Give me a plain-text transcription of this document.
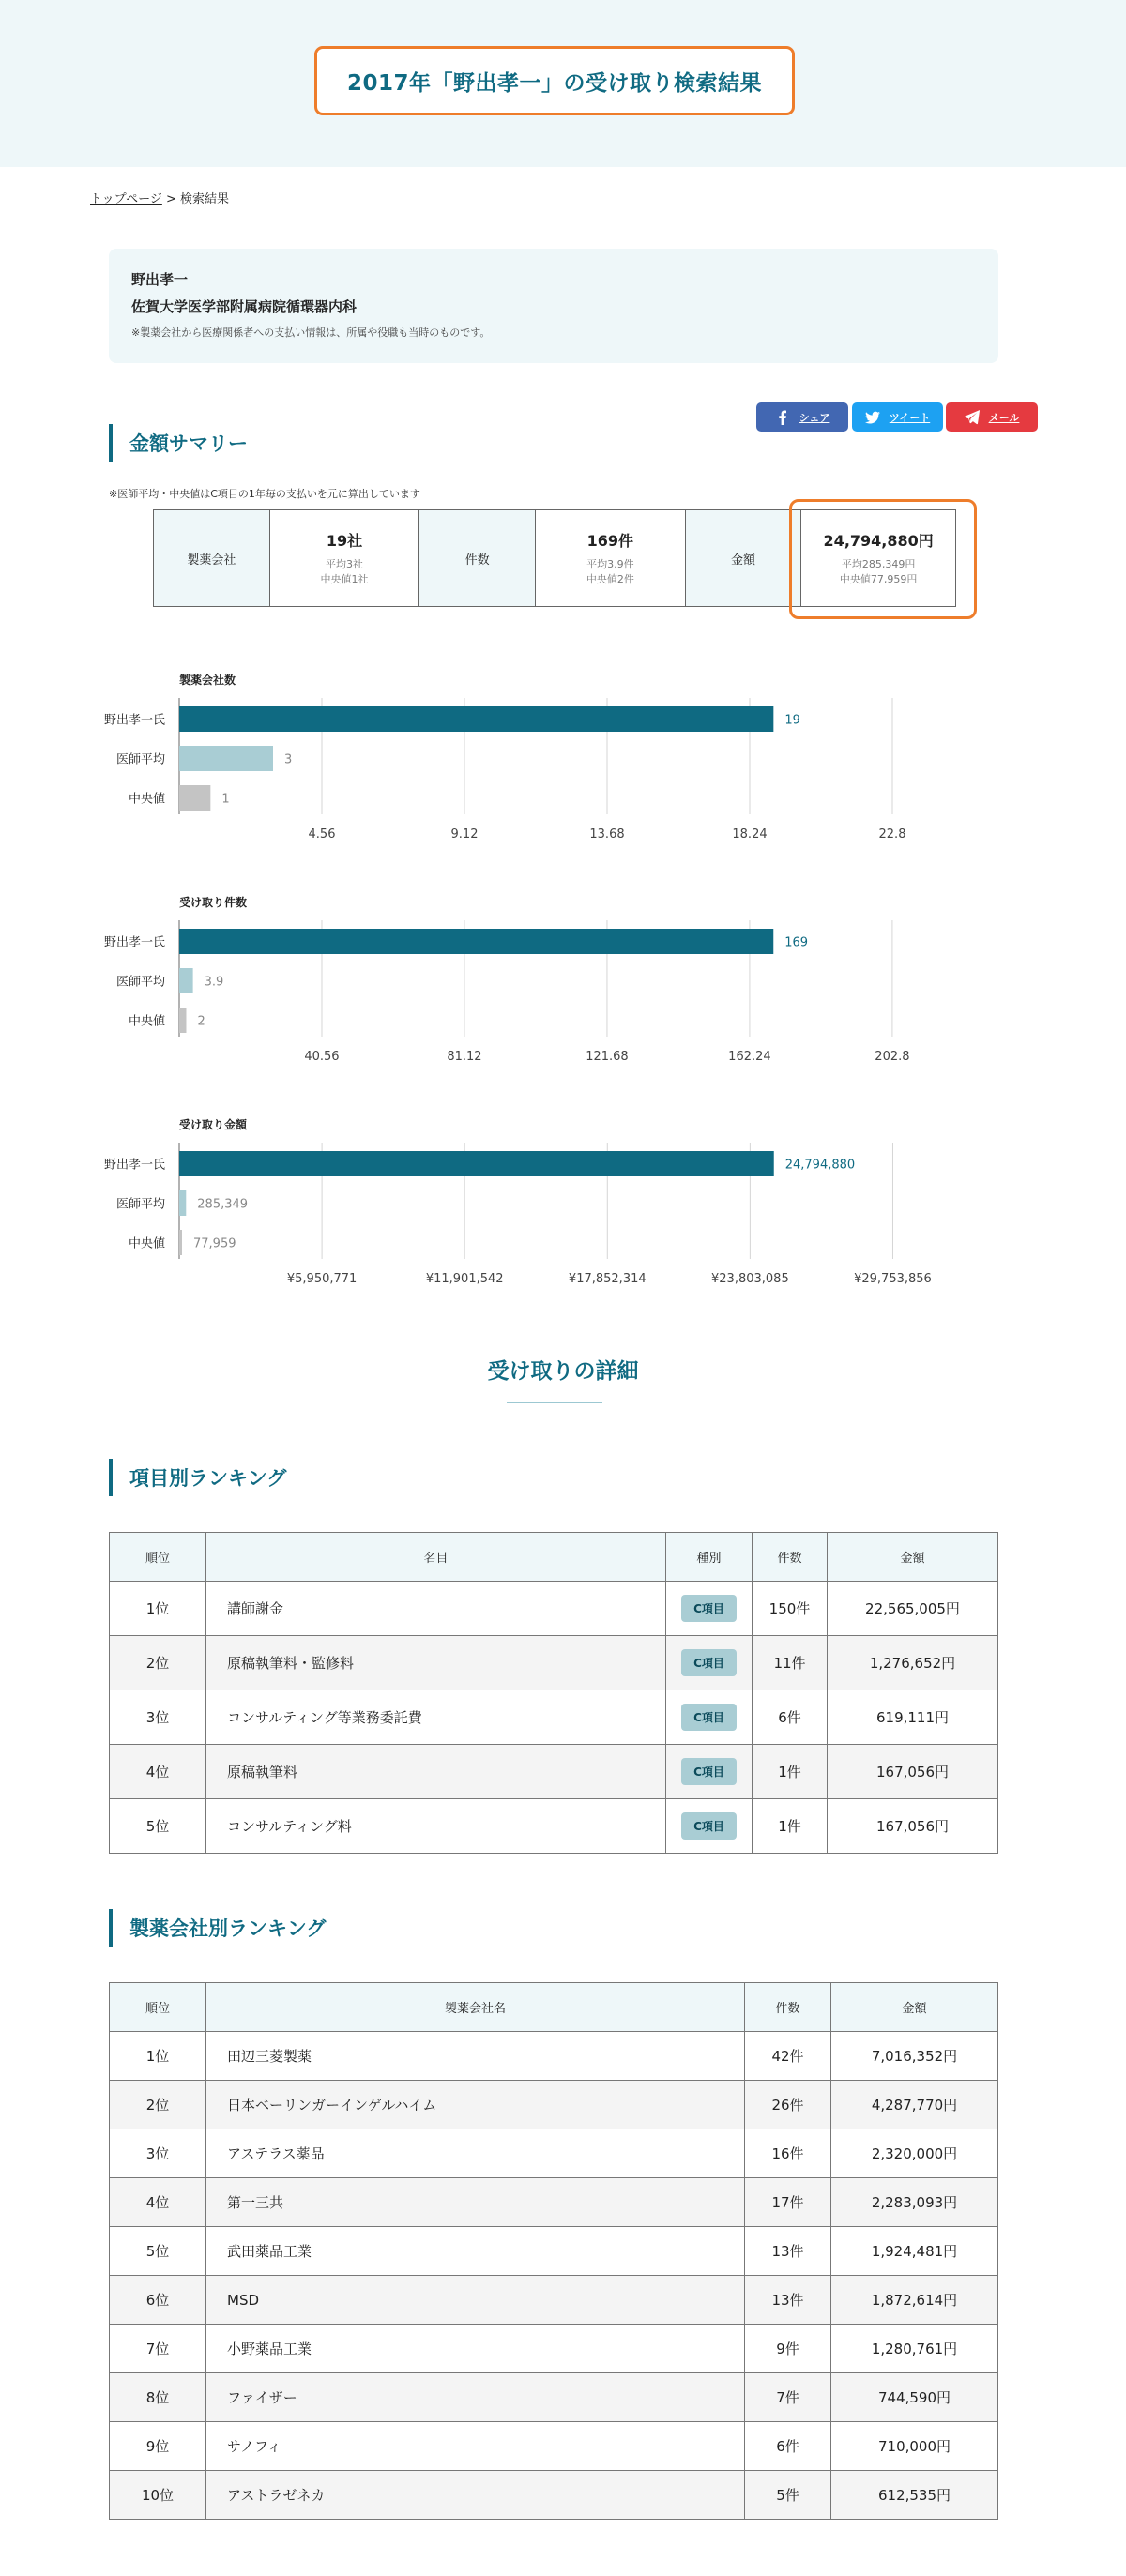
2017年「野出孝一」の受け取り検索結果
トップページ > 検索結果
野出孝一
佐賀大学医学部附属病院循環器内科
※製薬会社から医療関係者への支払い情報は、所属や役職も当時のものです。
シェア	ツイート	メール
金額サマリー
※医師平均・中央値はC項目の1年毎の支払いを元に算出しています
製薬会社
19社
平均3社
中央値1社
件数
169件
平均3.9件
中央値2件
金額
24,794,880円
平均285,349円
中央値77,959円
製薬会社数
4.56	9.12	13.68	18.24	22.8
野出孝一氏	19
医師平均	3
中央値	1
受け取り件数
40.56	81.12	121.68	162.24	202.8
野出孝一氏	169
医師平均	3.9
中央値	2
受け取り金額
¥5,950,771	¥11,901,542	¥17,852,314	¥23,803,085	¥29,753,856
野出孝一氏	24,794,880
医師平均	285,349
中央値 77,959
受け取りの詳細
項目別ランキング
順位	名目	種別	件数	金額
1位	講師謝金	C項目	150件	22,565,005円
2位	原稿執筆料・監修料	C項目	11件	1,276,652円
3位	コンサルティング等業務委託費	C項目	6件	619,111円
4位	原稿執筆料	C項目	1件	167,056円
5位	コンサルティング料	C項目	1件	167,056円
製薬会社別ランキング
順位	製薬会社名	件数	金額
1位	田辺三菱製薬	42件	7,016,352円
2位	日本ベーリンガーインゲルハイム	26件	4,287,770円
3位	アステラス薬品	16件	2,320,000円
4位	第一三共	17件	2,283,093円
5位	武田薬品工業	13件	1,924,481円
6位	MSD	13件	1,872,614円
7位	小野薬品工業	9件	1,280,761円
8位	ファイザー	7件	744,590円
9位	サノフィ	6件	710,000円
10位	アストラゼネカ	5件	612,535円
